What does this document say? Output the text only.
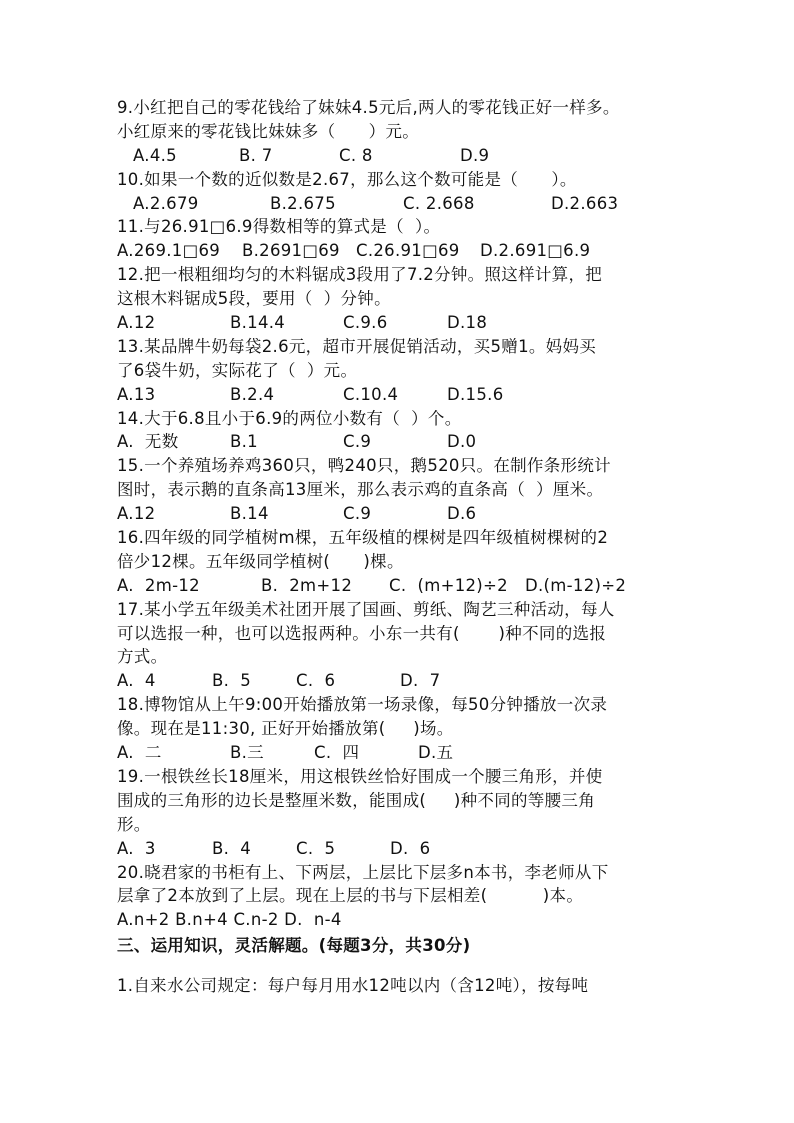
9.小红把自己的零花钱给了妹妹4.5元后,两人的零花钱正好一样多。
小红原来的零花钱比妹妹多（      ）元。
A.4.5	B. 7	C. 8	D.9
10.如果一个数的近似数是2.67，那么这个数可能是（      ）。
A.2.679	B.2.675	C. 2.668	D.2.663
11.与26.91□6.9得数相等的算式是（  ）。
A.269.1□69	B.2691□69 C.26.91□69	D.2.691□6.9
12.把一根粗细均匀的木料锯成3段用了7.2分钟。照这样计算，把
这根木料锯成5段，要用（  ）分钟。
A.12	B.14.4	C.9.6	D.18
13.某品牌牛奶每袋2.6元，超市开展促销活动，买5赠1。妈妈买
了6袋牛奶，实际花了（  ）元。
A.13	B.2.4	C.10.4	D.15.6
14.大于6.8且小于6.9的两位小数有（  ）个。
A.  无数	B.1	C.9	D.0
15.一个养殖场养鸡360只，鸭240只，鹅520只。在制作条形统计
图时，表示鹅的直条高13厘米，那么表示鸡的直条高（  ）厘米。
A.12	B.14	C.9	D.6
16.四年级的同学植树m棵，五年级植的棵树是四年级植树棵树的2
倍少12棵。五年级同学植树(      )棵。
A.  2m-12	B.  2m+12	C.  (m+12)÷2	D.(m-12)÷2
17.某小学五年级美术社团开展了国画、剪纸、陶艺三种活动，每人
可以选报一种，也可以选报两种。小东一共有(       )种不同的选报
方式。
A.  4	B.  5	C.  6	D.  7
18.博物馆从上午9:00开始播放第一场录像，每50分钟播放一次录
像。现在是11:30, 正好开始播放第(     )场。
A.  二	B.三	C.  四	D.五
19.一根铁丝长18厘米，用这根铁丝恰好围成一个腰三角形，并使
围成的三角形的边长是整厘米数，能围成(     )种不同的等腰三角
形。
A.  3	B.  4	C.  5	D.  6
20.晓君家的书柜有上、下两层，上层比下层多n本书，李老师从下
层拿了2本放到了上层。现在上层的书与下层相差(          )本。
A.n+2 B.n+4 C.n-2 D.  n-4
三、运用知识，灵活解题。(每题3分，共30分)
1.自来水公司规定：每户每月用水12吨以内（含12吨），按每吨
